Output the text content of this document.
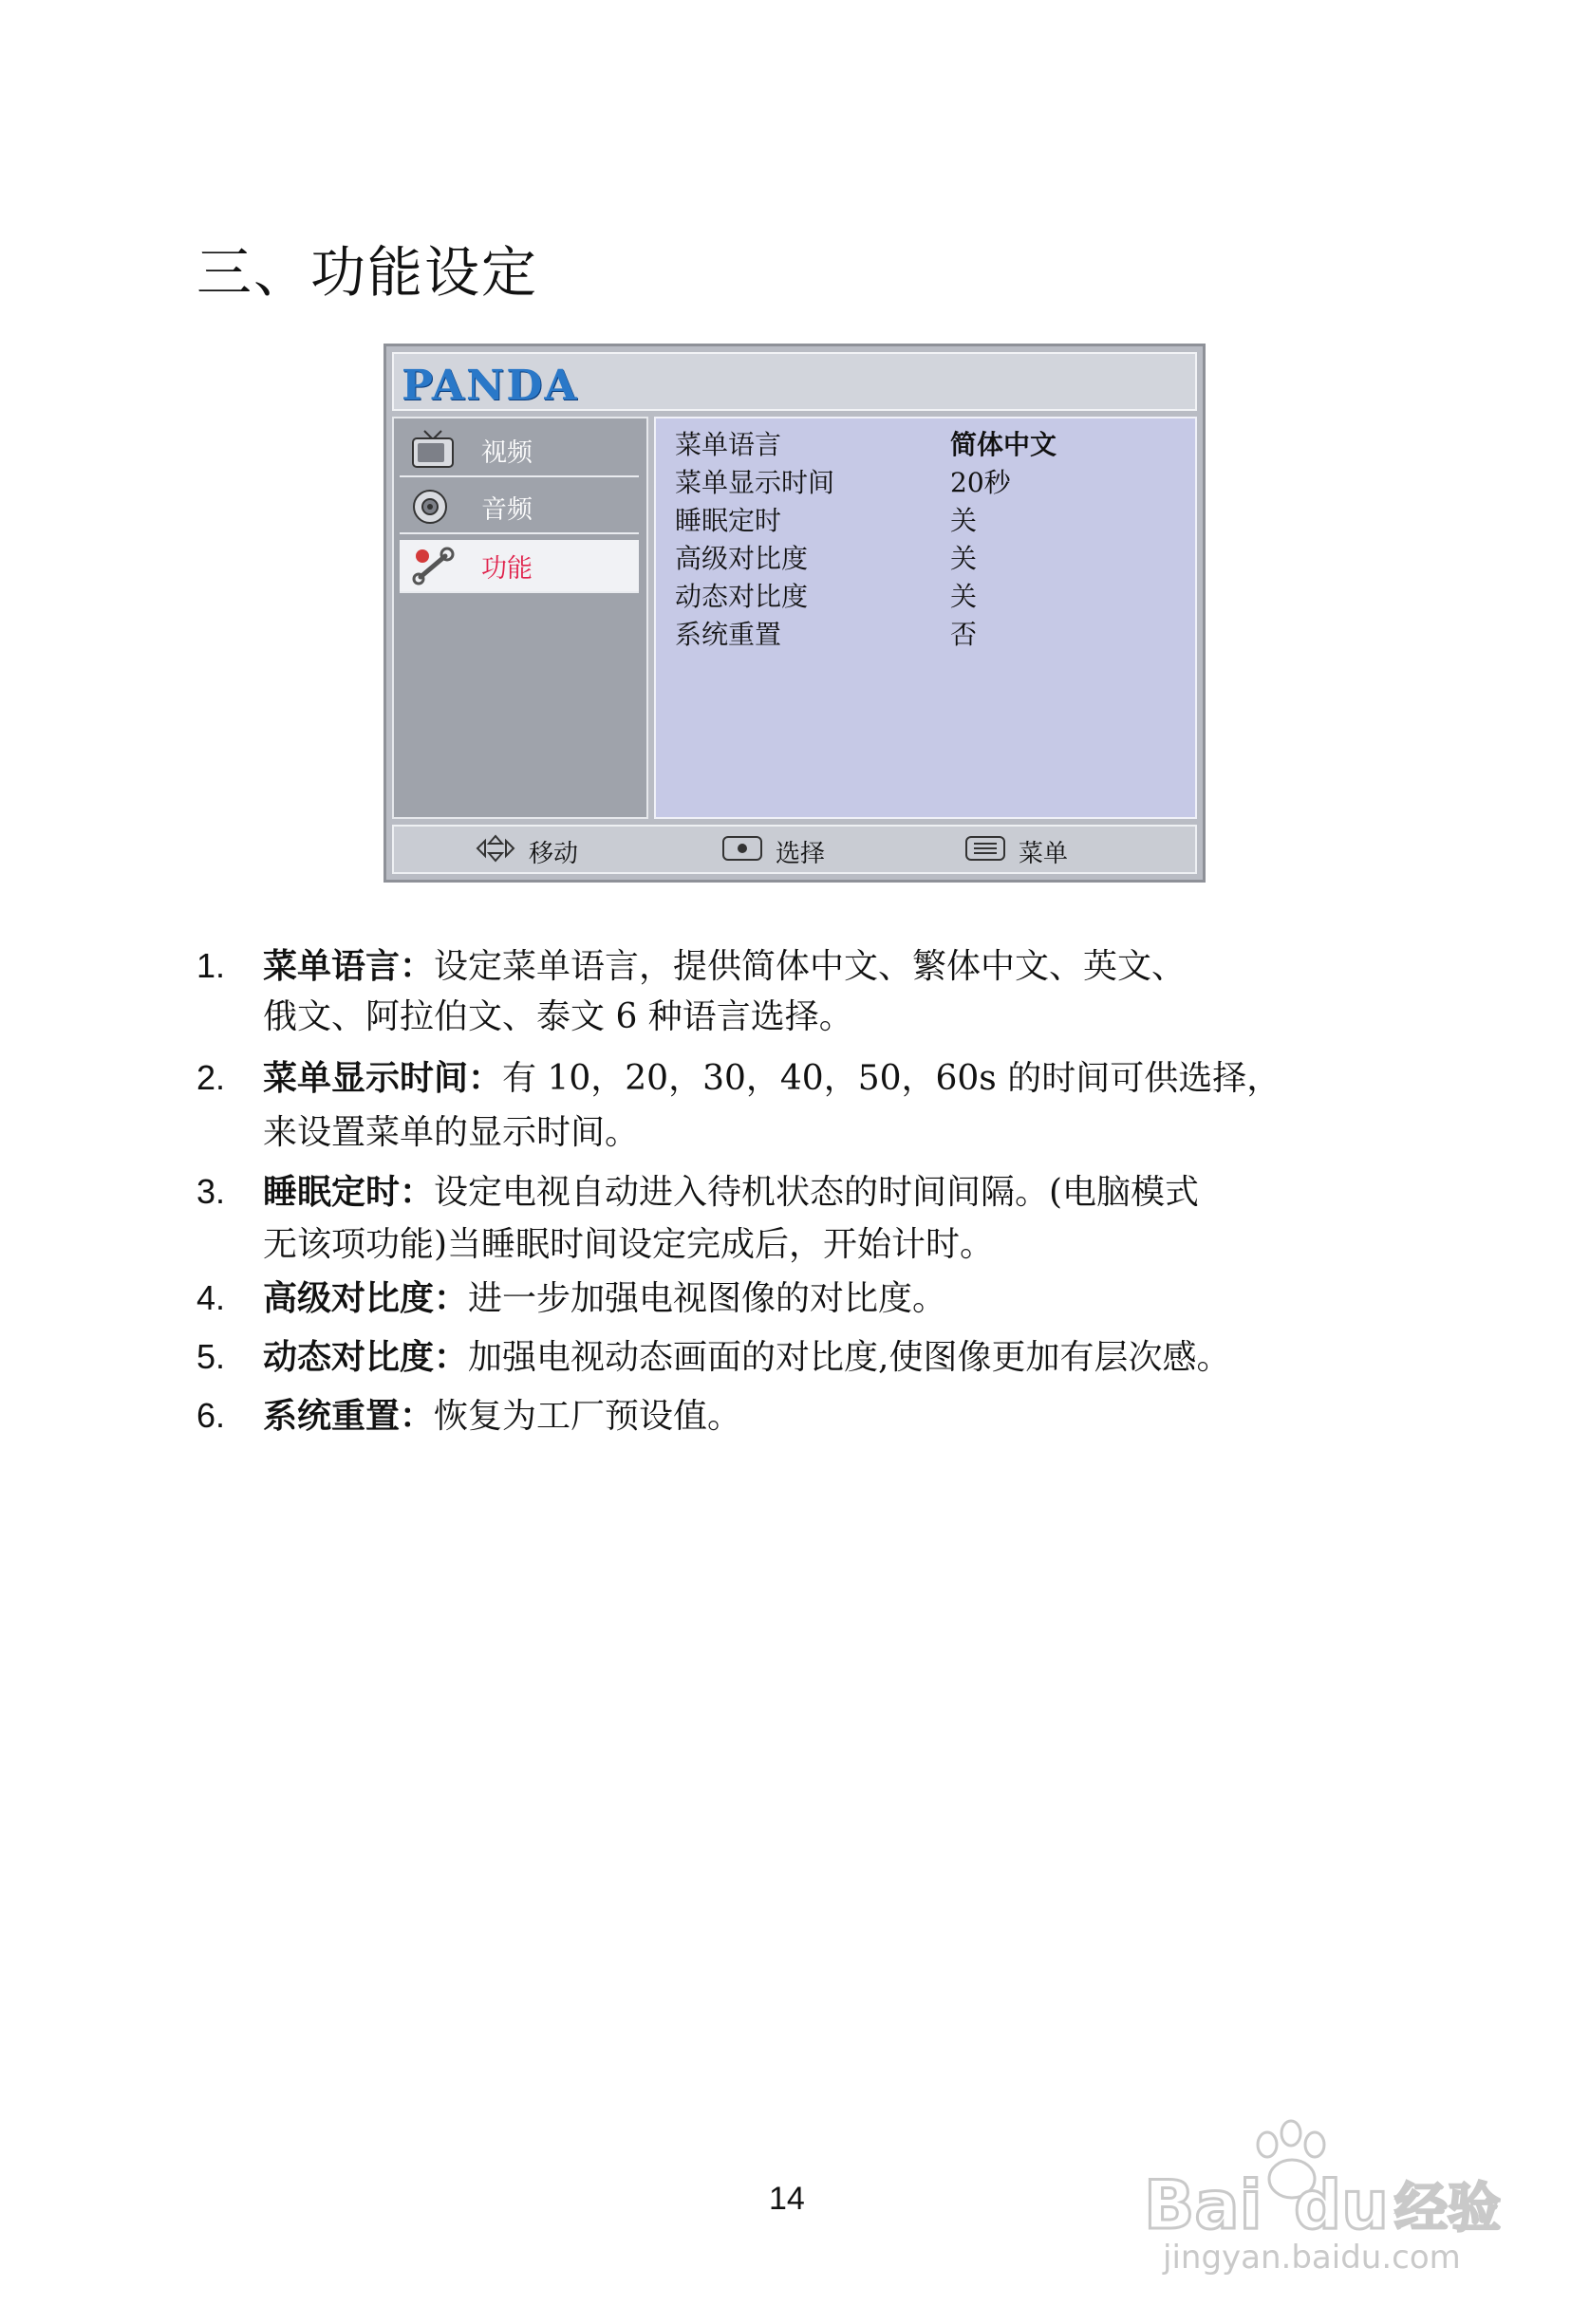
三、功能设定
PANDA
视频
音频
功能
菜单语言	简体中文
菜单显示时间	20秒
睡眠定时	关
高级对比度	关
动态对比度	关
系统重置	否
移动	选择	菜单
1. 菜单语言：设定菜单语言，提供简体中文、繁体中文、英文、
俄文、阿拉伯文、泰文 6 种语言选择。
2. 菜单显示时间：有 10，20，30，40，50，60s 的时间可供选择，
来设置菜单的显示时间。
3. 睡眠定时：设定电视自动进入待机状态的时间间隔。(电脑模式
无该项功能)当睡眠时间设定完成后，开始计时。
4. 高级对比度：进一步加强电视图像的对比度。
5. 动态对比度：加强电视动态画面的对比度,使图像更加有层次感。
6. 系统重置：恢复为工厂预设值。
14	Bai du 经验
jingyan.baidu.com
